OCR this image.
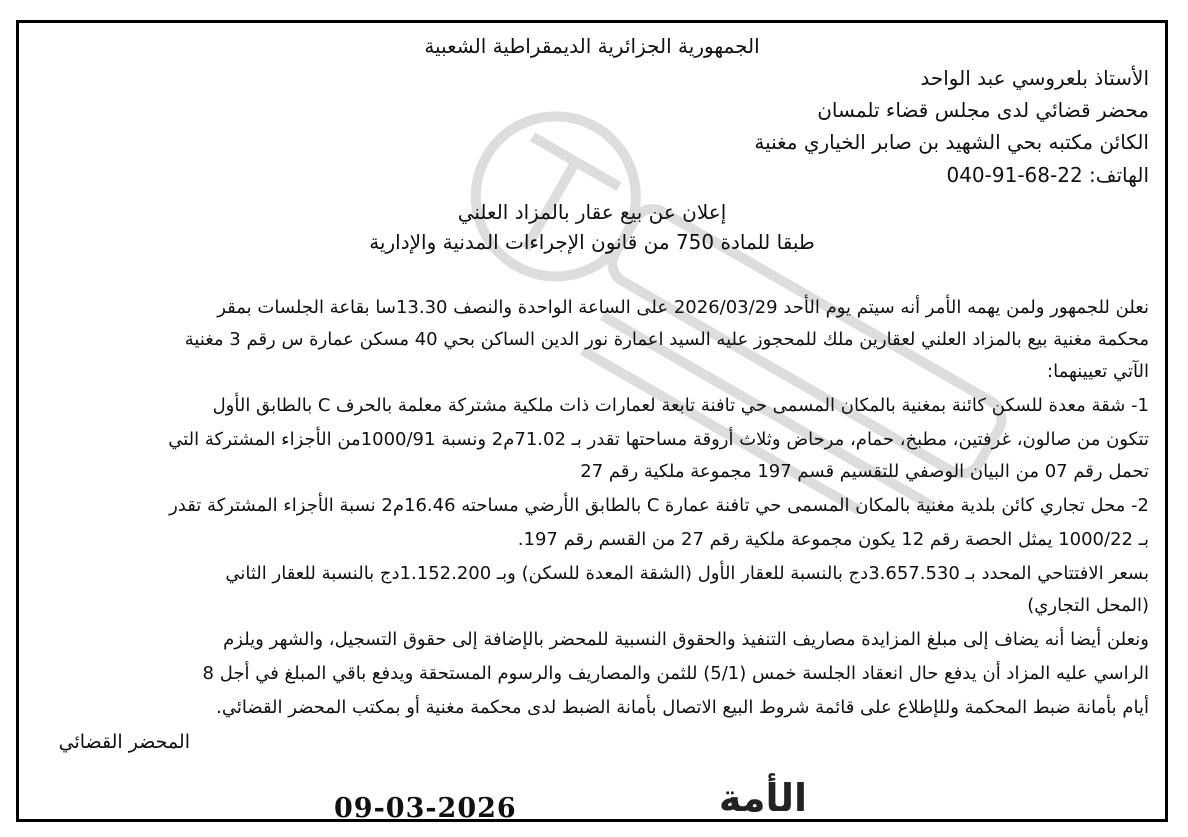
الجمهورية الجزائرية الديمقراطية الشعبية
الأستاذ بلعروسي عبد الواحد
محضر قضائي لدى مجلس قضاء تلمسان
الكائن مكتبه بحي الشهيد بن صابر الخياري مغنية
الهاتف: 22-68-91-040
إعلان عن بيع عقار بالمزاد العلني
طبقا للمادة 750 من قانون الإجراءات المدنية والإدارية
نعلن للجمهور ولمن يهمه الأمر أنه سيتم يوم الأحد 2026/03/29 على الساعة الواحدة والنصف 13.30سا بقاعة الجلسات بمقر
محكمة مغنية بيع بالمزاد العلني لعقارين ملك للمحجوز عليه السيد اعمارة نور الدين الساكن بحي 40 مسكن عمارة س رقم 3 مغنية
الآتي تعيينهما:
1- شقة معدة للسكن كائنة بمغنية بالمكان المسمى حي تافنة تابعة لعمارات ذات ملكية مشتركة معلمة بالحرف C بالطابق الأول
تتكون من صالون، غرفتين، مطبخ، حمام، مرحاض وثلاث أروقة مساحتها تقدر بـ 71.02م2 ونسبة 1000/91من الأجزاء المشتركة التي
تحمل رقم 07 من البيان الوصفي للتقسيم قسم 197 مجموعة ملكية رقم 27
2- محل تجاري كائن بلدية مغنية بالمكان المسمى حي تافنة عمارة C بالطابق الأرضي مساحته 16.46م2 نسبة الأجزاء المشتركة تقدر
بـ 1000/22 يمثل الحصة رقم 12 يكون مجموعة ملكية رقم 27 من القسم رقم 197.
بسعر الافتتاحي المحدد بـ 3.657.530دج بالنسبة للعقار الأول (الشقة المعدة للسكن) وبـ 1.152.200دج بالنسبة للعقار الثاني
(المحل التجاري)
ونعلن أيضا أنه يضاف إلى مبلغ المزايدة مصاريف التنفيذ والحقوق النسبية للمحضر بالإضافة إلى حقوق التسجيل، والشهر ويلزم
الراسي عليه المزاد أن يدفع حال انعقاد الجلسة خمس (5/1) للثمن والمصاريف والرسوم المستحقة ويدفع باقي المبلغ في أجل 8
أيام بأمانة ضبط المحكمة وللإطلاع على قائمة شروط البيع الاتصال بأمانة الضبط لدى محكمة مغنية أو بمكتب المحضر القضائي.
المحضر القضائي
09-03-2026	الأمة
